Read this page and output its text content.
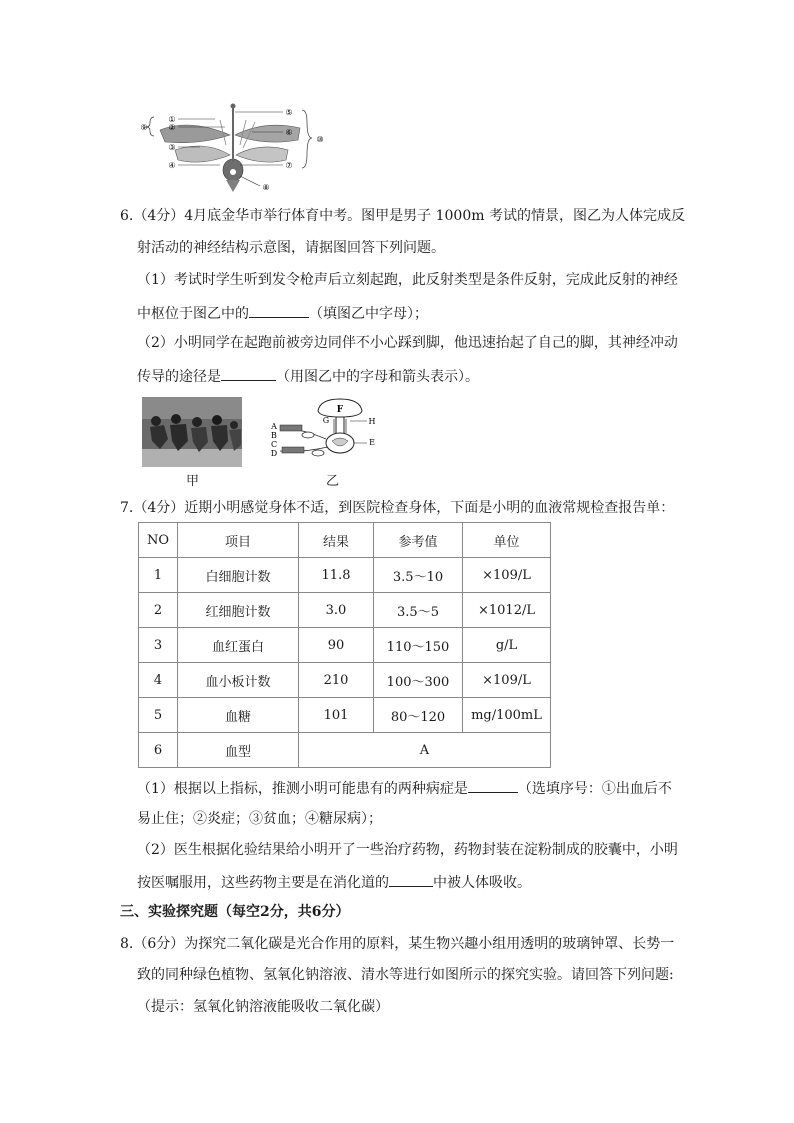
①
②
③
④
⑤
⑥
⑦
⑧
⑨
⑩
6.（4分）4月底金华市举行体育中考。图甲是男子 1000m 考试的情景，图乙为人体完成反
射活动的神经结构示意图，请据图回答下列问题。
（1）考试时学生听到发令枪声后立刻起跑，此反射类型是条件反射，完成此反射的神经
中枢位于图乙中的	（填图乙中字母）；
（2）小明同学在起跑前被旁边同伴不小心踩到脚，他迅速抬起了自己的脚，其神经冲动
传导的途径是	（用图乙中的字母和箭头表示）。
甲
F
G	H
E
A
B
C
D
乙
7.（4分）近期小明感觉身体不适，到医院检查身体，下面是小明的血液常规检查报告单：
NO	项目	结果	参考值	单位
1	白细胞计数	11.8	3.5～10	×109/L
2	红细胞计数	3.0	3.5～5	×1012/L
3	血红蛋白	90	110～150	g/L
4	血小板计数	210	100～300	×109/L
5	血糖	101	80～120	mg/100mL
6	血型	A		
（1）根据以上指标，推测小明可能患有的两种病症是	（选填序号：①出血后不
易止住；②炎症；③贫血；④糖尿病）；
（2）医生根据化验结果给小明开了一些治疗药物，药物封装在淀粉制成的胶囊中，小明
按医嘱服用，这些药物主要是在消化道的	中被人体吸收。
三、实验探究题（每空2分，共6分）
8.（6分）为探究二氧化碳是光合作用的原料，某生物兴趣小组用透明的玻璃钟罩、长势一
致的同种绿色植物、氢氧化钠溶液、清水等进行如图所示的探究实验。请回答下列问题:
（提示：氢氧化钠溶液能吸收二氧化碳）
